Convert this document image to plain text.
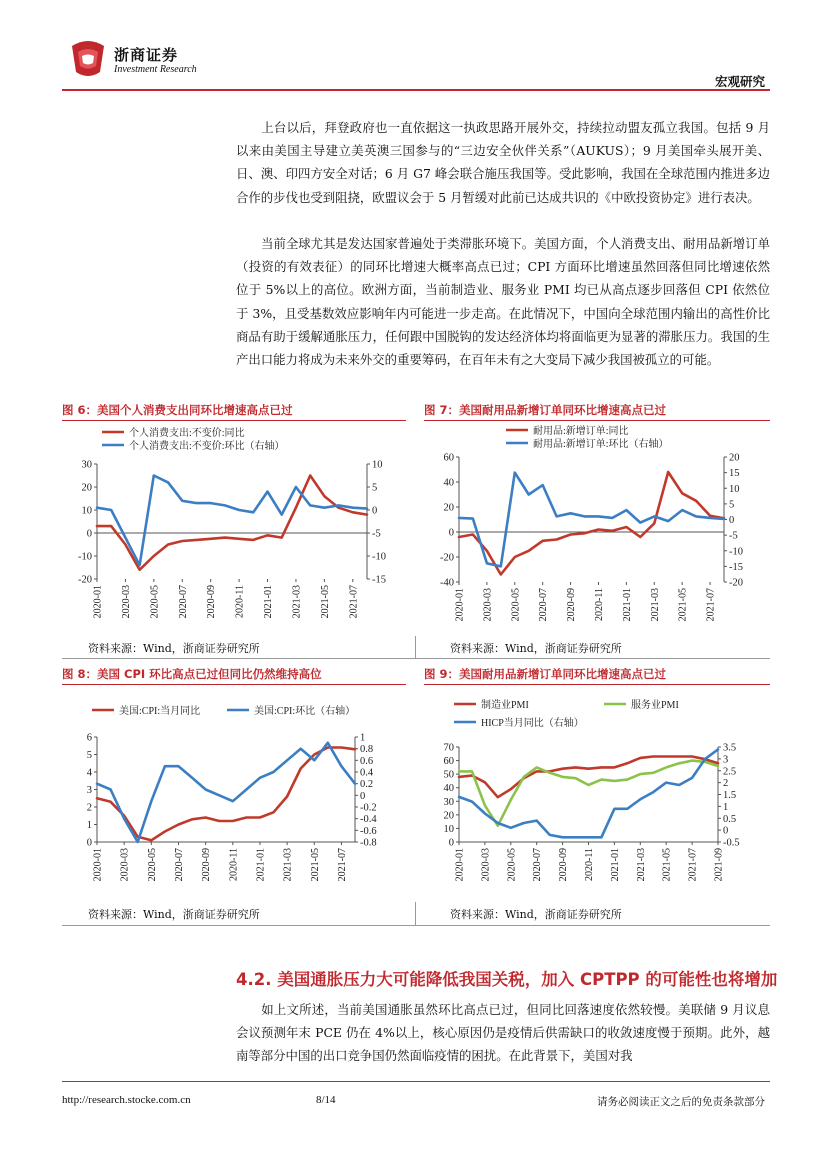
浙商证券
Investment Research
宏观研究

上台以后，拜登政府也一直依据这一执政思路开展外交，持续拉动盟友孤立我国。包括 9 月以来由美国主导建立美英澳三国参与的“三边安全伙伴关系”（AUKUS）；9 月美国牵头展开美、日、澳、印四方安全对话；6 月 G7 峰会联合施压我国等。受此影响，我国在全球范围内推进多边合作的步伐也受到阻挠，欧盟议会于 5 月暂缓对此前已达成共识的《中欧投资协定》进行表决。

当前全球尤其是发达国家普遍处于类滞胀环境下。美国方面，个人消费支出、耐用品新增订单（投资的有效表征）的同环比增速大概率高点已过；CPI 方面环比增速虽然回落但同比增速依然位于 5%以上的高位。欧洲方面，当前制造业、服务业 PMI 均已从高点逐步回落但 CPI 依然位于 3%，且受基数效应影响年内可能进一步走高。在此情况下，中国向全球范围内输出的高性价比商品有助于缓解通胀压力，任何跟中国脱钩的发达经济体均将面临更为显著的滞胀压力。我国的生产出口能力将成为未来外交的重要筹码，在百年未有之大变局下减少我国被孤立的可能。

图 6：美国个人消费支出同环比增速高点已过	图 7：美国耐用品新增订单同环比增速高点已过
图 8：美国 CPI 环比高点已过但同比仍然维持高位	图 9：美国耐用品新增订单同环比增速高点已过
-20
-10
0
10
20
30
-15
-10
-5
0
5
10
2020-01 2020-03 2020-05 2020-07 2020-09 2020-11 2021-01 2021-03 2021-05 2021-07
个人消费支出:不变价:同比
个人消费支出:不变价:环比（右轴）
-40
-20
0
20
40
60
-20
-15
-10
-5
0
5
10
15
20
2020-01 2020-03 2020-05 2020-07 2020-09 2020-11 2021-01 2021-03 2021-05 2021-07
耐用品:新增订单:同比
耐用品:新增订单:环比（右轴）
0
1
2
3
4
5
6
-0.8
-0.6
-0.4
-0.2
0
0.2
0.4
0.6
0.8
1
2020-01 2020-03 2020-05 2020-07 2020-09 2020-11 2021-01 2021-03 2021-05 2021-07
美国:CPI:当月同比	美国:CPI:环比（右轴）
0
10
20
30
40
50
60
70
-0.5
0
0.5
1
1.5
2
2.5
3
3.5
2020-01 2020-03 2020-05 2020-07 2020-09 2020-11 2021-01 2021-03 2021-05 2021-07 2021-09
制造业PMI	服务业PMI
HICP当月同比（右轴）
资料来源：Wind，浙商证券研究所	资料来源：Wind，浙商证券研究所
资料来源：Wind，浙商证券研究所	资料来源：Wind，浙商证券研究所
4.2. 美国通胀压力大可能降低我国关税，加入 CPTPP 的可能性也将增加

如上文所述，当前美国通胀虽然环比高点已过，但同比回落速度依然较慢。美联储 9 月议息会议预测年末 PCE 仍在 4%以上，核心原因仍是疫情后供需缺口的收敛速度慢于预期。此外，越南等部分中国的出口竞争国仍然面临疫情的困扰。在此背景下，美国对我

http://research.stocke.com.cn	8/14	请务必阅读正文之后的免责条款部分
